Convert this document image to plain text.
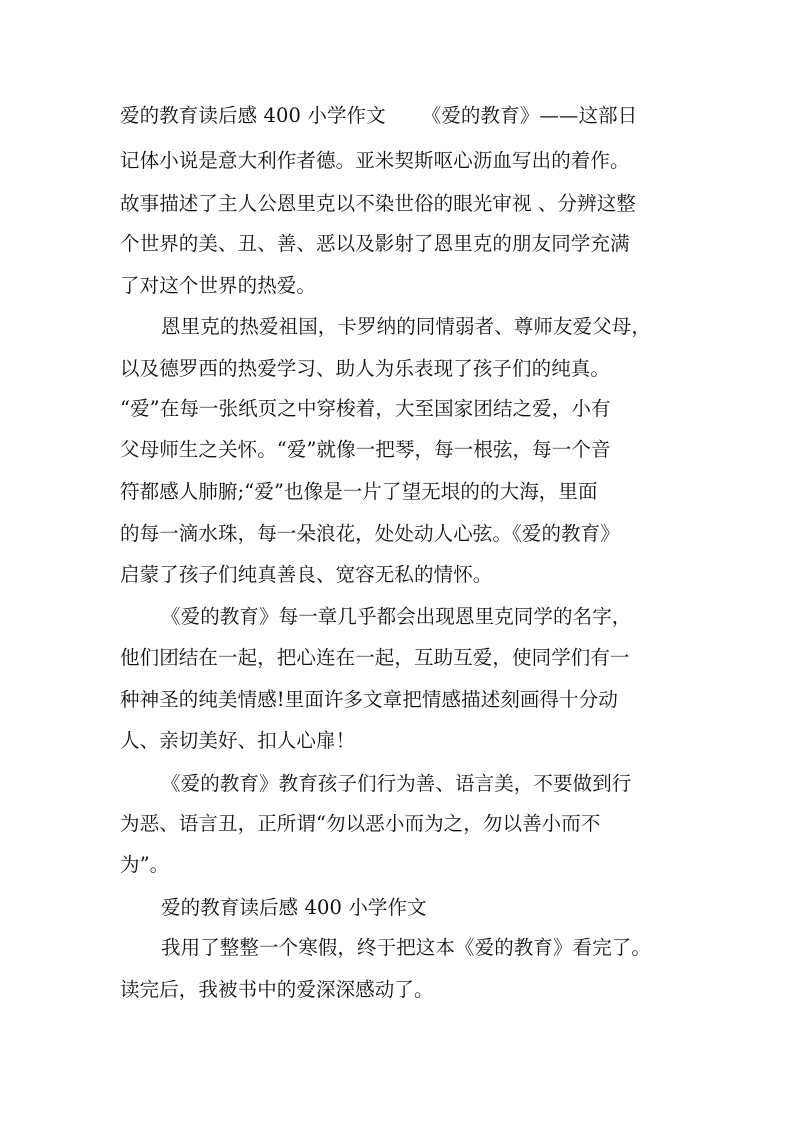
爱的教育读后感 400 小学作文 《爱的教育》——这部日
记体小说是意大利作者德。亚米契斯呕心沥血写出的着作。
故事描述了主人公恩里克以不染世俗的眼光审视 、分辨这整
个世界的美、丑、善、恶以及影射了恩里克的朋友同学充满
了对这个世界的热爱。
恩里克的热爱祖国，卡罗纳的同情弱者、尊师友爱父母，
以及德罗西的热爱学习、助人为乐表现了孩子们的纯真。
“爱”在每一张纸页之中穿梭着，大至国家团结之爱，小有
父母师生之关怀。“爱”就像一把琴，每一根弦，每一个音
符都感人肺腑;“爱”也像是一片了望无垠的的大海，里面
的每一滴水珠，每一朵浪花，处处动人心弦。《爱的教育》
启蒙了孩子们纯真善良、宽容无私的情怀。
《爱的教育》每一章几乎都会出现恩里克同学的名字，
他们团结在一起，把心连在一起，互助互爱，使同学们有一
种神圣的纯美情感!里面许多文章把情感描述刻画得十分动
人、亲切美好、扣人心扉！
《爱的教育》教育孩子们行为善、语言美，不要做到行
为恶、语言丑，正所谓“勿以恶小而为之，勿以善小而不
为”。
爱的教育读后感 400 小学作文
我用了整整一个寒假，终于把这本《爱的教育》看完了。
读完后，我被书中的爱深深感动了。
